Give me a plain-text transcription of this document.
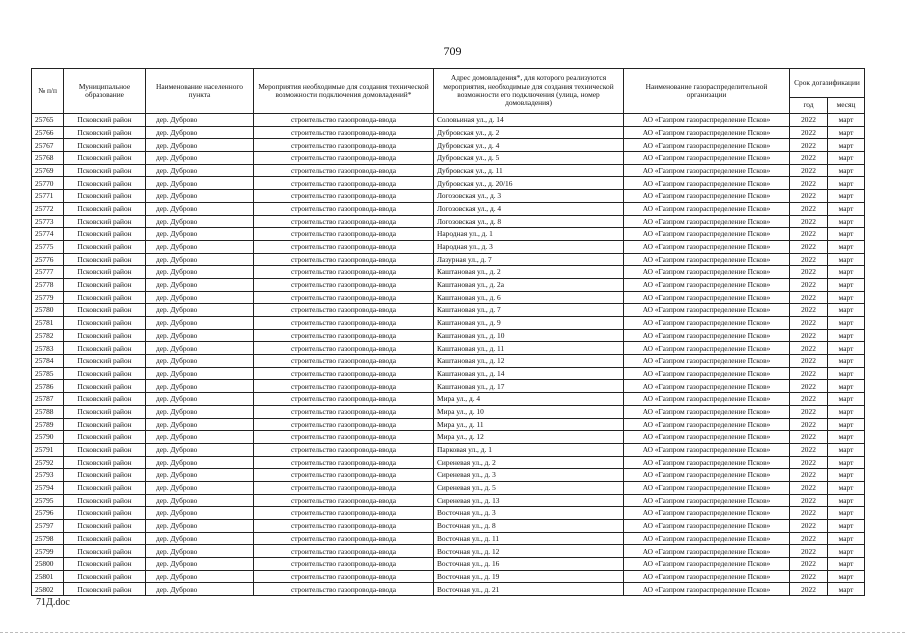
709
№ п/п	Муниципальное образование	Наименование населенного пункта	Мероприятия необходимые для создания технической возможности подключения домовладений*	Адрес домовладения*, для которого реализуются мероприятия, необходимые для создания технической возможности его подключения (улица, номер домовладения)	Наименование газораспределительной организации	Срок догазификации	
						год	месяц
25765	Псковский район	дер. Дуброво	строительство газопровода-ввода	Соловьиная ул., д. 14	АО «Газпром газораспределение Псков»	2022	март
25766	Псковский район	дер. Дуброво	строительство газопровода-ввода	Дубровская ул., д. 2	АО «Газпром газораспределение Псков»	2022	март
25767	Псковский район	дер. Дуброво	строительство газопровода-ввода	Дубровская ул., д. 4	АО «Газпром газораспределение Псков»	2022	март
25768	Псковский район	дер. Дуброво	строительство газопровода-ввода	Дубровская ул., д. 5	АО «Газпром газораспределение Псков»	2022	март
25769	Псковский район	дер. Дуброво	строительство газопровода-ввода	Дубровская ул., д. 11	АО «Газпром газораспределение Псков»	2022	март
25770	Псковский район	дер. Дуброво	строительство газопровода-ввода	Дубровская ул., д. 20/16	АО «Газпром газораспределение Псков»	2022	март
25771	Псковский район	дер. Дуброво	строительство газопровода-ввода	Логозовская ул., д. 3	АО «Газпром газораспределение Псков»	2022	март
25772	Псковский район	дер. Дуброво	строительство газопровода-ввода	Логозовская ул., д. 4	АО «Газпром газораспределение Псков»	2022	март
25773	Псковский район	дер. Дуброво	строительство газопровода-ввода	Логозовская ул., д. 8	АО «Газпром газораспределение Псков»	2022	март
25774	Псковский район	дер. Дуброво	строительство газопровода-ввода	Народная ул., д. 1	АО «Газпром газораспределение Псков»	2022	март
25775	Псковский район	дер. Дуброво	строительство газопровода-ввода	Народная ул., д. 3	АО «Газпром газораспределение Псков»	2022	март
25776	Псковский район	дер. Дуброво	строительство газопровода-ввода	Лазурная ул., д. 7	АО «Газпром газораспределение Псков»	2022	март
25777	Псковский район	дер. Дуброво	строительство газопровода-ввода	Каштановая ул., д. 2	АО «Газпром газораспределение Псков»	2022	март
25778	Псковский район	дер. Дуброво	строительство газопровода-ввода	Каштановая ул., д. 2а	АО «Газпром газораспределение Псков»	2022	март
25779	Псковский район	дер. Дуброво	строительство газопровода-ввода	Каштановая ул., д. 6	АО «Газпром газораспределение Псков»	2022	март
25780	Псковский район	дер. Дуброво	строительство газопровода-ввода	Каштановая ул., д. 7	АО «Газпром газораспределение Псков»	2022	март
25781	Псковский район	дер. Дуброво	строительство газопровода-ввода	Каштановая ул., д. 9	АО «Газпром газораспределение Псков»	2022	март
25782	Псковский район	дер. Дуброво	строительство газопровода-ввода	Каштановая ул., д. 10	АО «Газпром газораспределение Псков»	2022	март
25783	Псковский район	дер. Дуброво	строительство газопровода-ввода	Каштановая ул., д. 11	АО «Газпром газораспределение Псков»	2022	март
25784	Псковский район	дер. Дуброво	строительство газопровода-ввода	Каштановая ул., д. 12	АО «Газпром газораспределение Псков»	2022	март
25785	Псковский район	дер. Дуброво	строительство газопровода-ввода	Каштановая ул., д. 14	АО «Газпром газораспределение Псков»	2022	март
25786	Псковский район	дер. Дуброво	строительство газопровода-ввода	Каштановая ул., д. 17	АО «Газпром газораспределение Псков»	2022	март
25787	Псковский район	дер. Дуброво	строительство газопровода-ввода	Мира ул., д. 4	АО «Газпром газораспределение Псков»	2022	март
25788	Псковский район	дер. Дуброво	строительство газопровода-ввода	Мира ул., д. 10	АО «Газпром газораспределение Псков»	2022	март
25789	Псковский район	дер. Дуброво	строительство газопровода-ввода	Мира ул., д. 11	АО «Газпром газораспределение Псков»	2022	март
25790	Псковский район	дер. Дуброво	строительство газопровода-ввода	Мира ул., д. 12	АО «Газпром газораспределение Псков»	2022	март
25791	Псковский район	дер. Дуброво	строительство газопровода-ввода	Парковая ул., д. 1	АО «Газпром газораспределение Псков»	2022	март
25792	Псковский район	дер. Дуброво	строительство газопровода-ввода	Сиреневая ул., д. 2	АО «Газпром газораспределение Псков»	2022	март
25793	Псковский район	дер. Дуброво	строительство газопровода-ввода	Сиреневая ул., д. 3	АО «Газпром газораспределение Псков»	2022	март
25794	Псковский район	дер. Дуброво	строительство газопровода-ввода	Сиреневая ул., д. 5	АО «Газпром газораспределение Псков»	2022	март
25795	Псковский район	дер. Дуброво	строительство газопровода-ввода	Сиреневая ул., д. 13	АО «Газпром газораспределение Псков»	2022	март
25796	Псковский район	дер. Дуброво	строительство газопровода-ввода	Восточная ул., д. 3	АО «Газпром газораспределение Псков»	2022	март
25797	Псковский район	дер. Дуброво	строительство газопровода-ввода	Восточная ул., д. 8	АО «Газпром газораспределение Псков»	2022	март
25798	Псковский район	дер. Дуброво	строительство газопровода-ввода	Восточная ул., д. 11	АО «Газпром газораспределение Псков»	2022	март
25799	Псковский район	дер. Дуброво	строительство газопровода-ввода	Восточная ул., д. 12	АО «Газпром газораспределение Псков»	2022	март
25800	Псковский район	дер. Дуброво	строительство газопровода-ввода	Восточная ул., д. 16	АО «Газпром газораспределение Псков»	2022	март
25801	Псковский район	дер. Дуброво	строительство газопровода-ввода	Восточная ул., д. 19	АО «Газпром газораспределение Псков»	2022	март
25802	Псковский район	дер. Дуброво	строительство газопровода-ввода	Восточная ул., д. 21	АО «Газпром газораспределение Псков»	2022	март
71Д.doc
